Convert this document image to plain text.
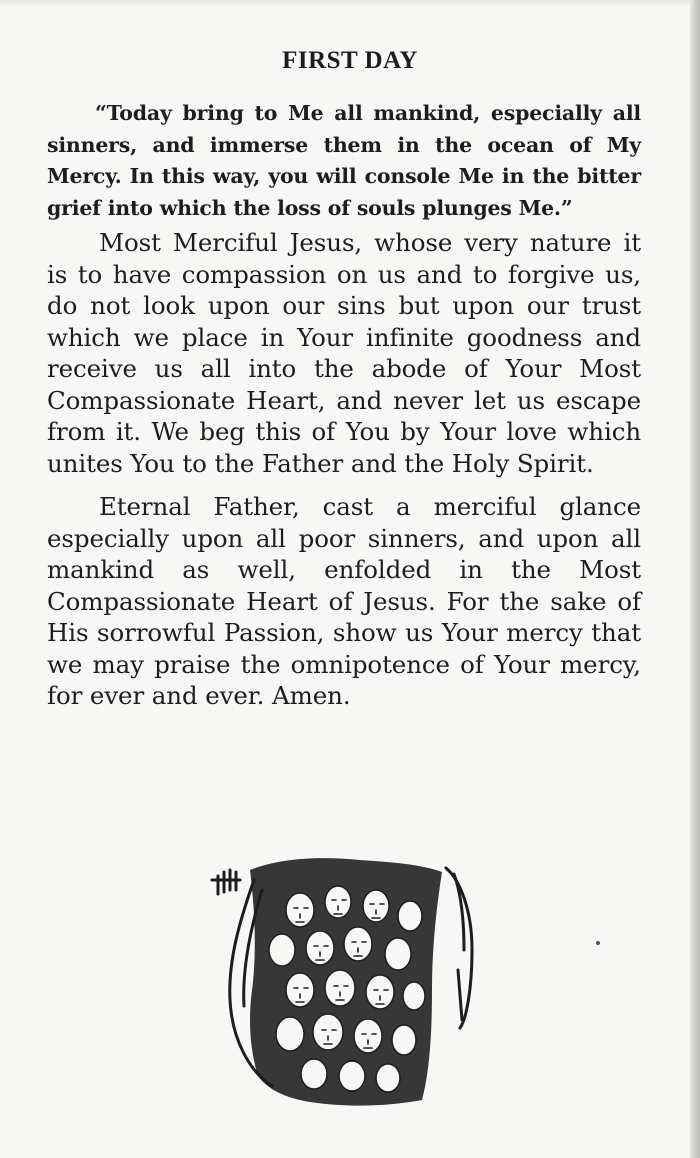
FIRST DAY

“Today bring to Me all mankind, especially all sinners, and immerse them in the ocean of My Mercy. In this way, you will console Me in the bitter grief into which the loss of souls plunges Me.”

Most Merciful Jesus, whose very nature it is to have compassion on us and to forgive us, do not look upon our sins but upon our trust which we place in Your infinite goodness and receive us all into the abode of Your Most Compassionate Heart, and never let us escape from it. We beg this of You by Your love which unites You to the Father and the Holy Spirit.

Eternal Father, cast a merciful glance especially upon all poor sinners, and upon all mankind as well, enfolded in the Most Compassionate Heart of Jesus. For the sake of His sorrowful Passion, show us Your mercy that we may praise the omnipotence of Your mercy, for ever and ever. Amen.
